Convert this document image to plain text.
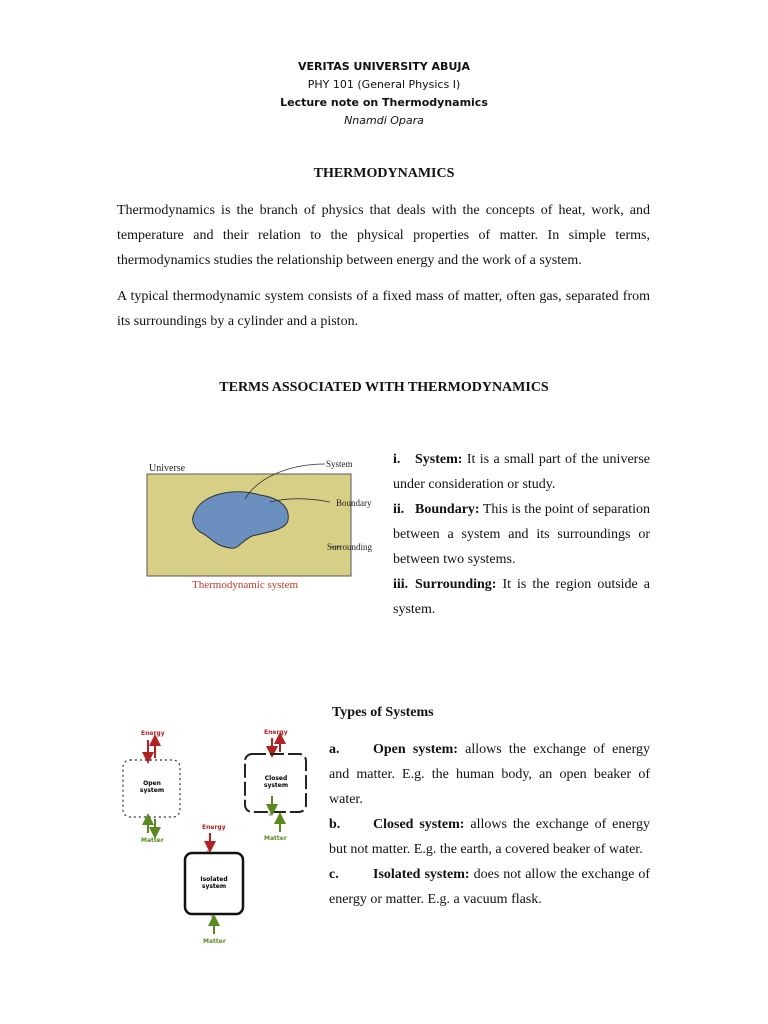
VERITAS UNIVERSITY ABUJA
PHY 101 (General Physics I)
Lecture note on Thermodynamics
Nnamdi Opara
THERMODYNAMICS
Thermodynamics is the branch of physics that deals with the concepts of heat, work, and temperature and their relation to the physical properties of matter. In simple terms, thermodynamics studies the relationship between energy and the work of a system.
A typical thermodynamic system consists of a fixed mass of matter, often gas, separated from its surroundings by a cylinder and a piston.
TERMS ASSOCIATED WITH THERMODYNAMICS
Universe	System
Boundary
Surrounding
Thermodynamic system

i. System: It is a small part of the universe under consideration or study.

ii. Boundary: This is the point of separation between a system and its surroundings or between two systems.

iii. Surrounding: It is the region outside a system.

Types of Systems
Energy
Open
system
Matter
Energy
Closed
system
×
Matter
Energy
×
Isolated
system
×
Matter

a. Open system: allows the exchange of energy and matter. E.g. the human body, an open beaker of water.

b. Closed system: allows the exchange of energy but not matter. E.g. the earth, a covered beaker of water.

c. Isolated system: does not allow the exchange of energy or matter. E.g. a vacuum flask.
